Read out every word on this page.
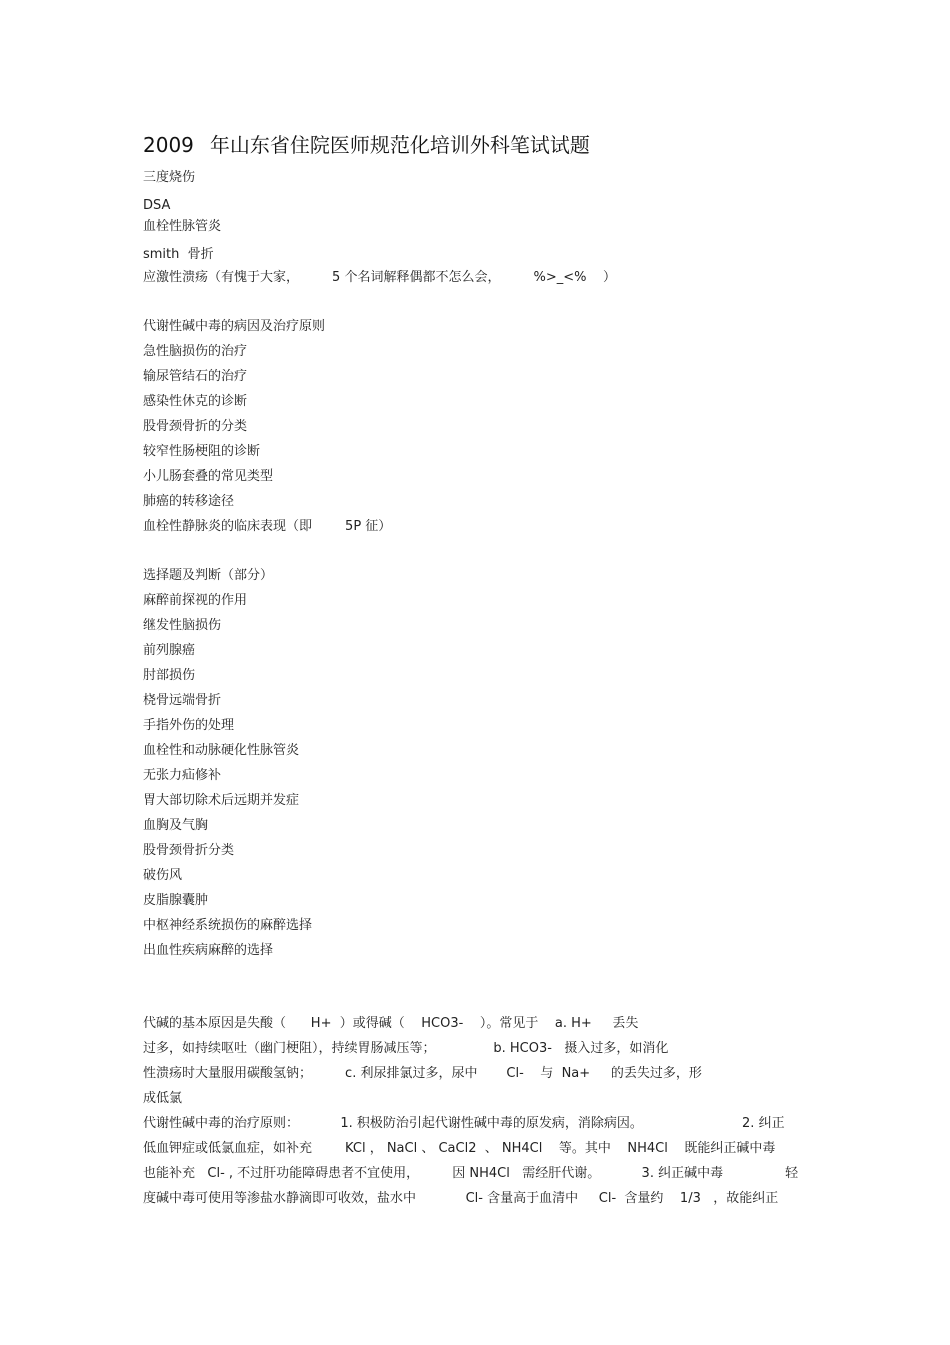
2009 年山东省住院医师规范化培训外科笔试试题
三度烧伤
DSA
血栓性脉管炎
smith  骨折
应激性溃疡（有愧于大家，        5 个名词解释偶都不怎么会，        %>_<%    ）
代谢性碱中毒的病因及治疗原则
急性脑损伤的治疗
输尿管结石的治疗
感染性休克的诊断
股骨颈骨折的分类
较窄性肠梗阻的诊断
小儿肠套叠的常见类型
肺癌的转移途径
血栓性静脉炎的临床表现（即        5P 征）
选择题及判断（部分）
麻醉前探视的作用
继发性脑损伤
前列腺癌
肘部损伤
桡骨远端骨折
手指外伤的处理
血栓性和动脉硬化性脉管炎
无张力疝修补
胃大部切除术后远期并发症
血胸及气胸
股骨颈骨折分类
破伤风
皮脂腺囊肿
中枢神经系统损伤的麻醉选择
出血性疾病麻醉的选择
代碱的基本原因是失酸（      H+  ）或得碱（    HCO3-    ）。常见于    a. H+     丢失
过多，如持续呕吐（幽门梗阻），持续胃肠减压等；              b. HCO3-   摄入过多，如消化
性溃疡时大量服用碳酸氢钠；        c. 利尿排氯过多，尿中       Cl-    与  Na+     的丢失过多，形
成低氯
代谢性碱中毒的治疗原则：          1. 积极防治引起代谢性碱中毒的原发病，消除病因。                        2. 纠正
低血钾症或低氯血症，如补充        KCl ， NaCl 、 CaCl2  、 NH4Cl    等。其中    NH4Cl    既能纠正碱中毒
也能补充   Cl- , 不过肝功能障碍患者不宜使用，        因 NH4Cl   需经肝代谢。          3. 纠正碱中毒               轻
度碱中毒可使用等渗盐水静滴即可收效，盐水中            Cl- 含量高于血清中     Cl-  含量约    1/3   ，故能纠正
